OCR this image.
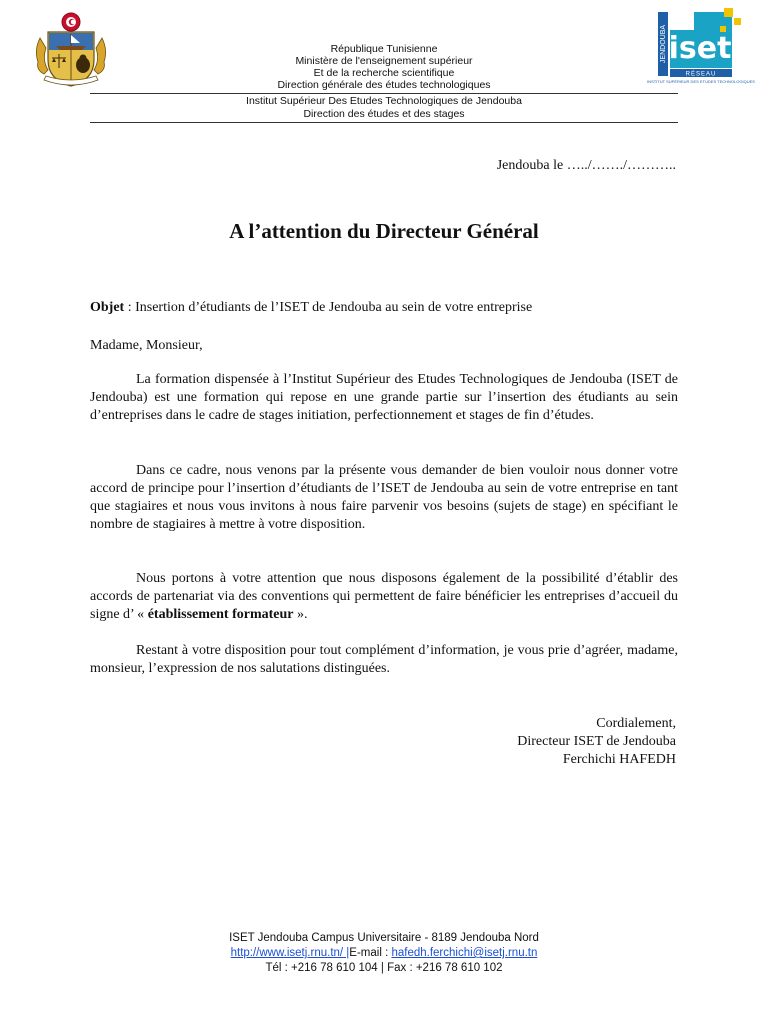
JENDOUBA iset
RÉSEAU
INSTITUT SUPÉRIEUR DES ETUDES TECHNOLOGIQUES
République Tunisienne
Ministère de l'enseignement supérieur
Et de la recherche scientifique
Direction générale des études technologiques
Institut Supérieur Des Etudes Technologiques de Jendouba
Direction des études et des stages
Jendouba le …../……./………..
A l’attention du Directeur Général
Objet : Insertion d’étudiants de l’ISET de Jendouba au sein de votre entreprise
Madame, Monsieur,
La formation dispensée à l’Institut Supérieur des Etudes Technologiques de Jendouba (ISET de Jendouba) est une formation qui repose en une grande partie sur l’insertion des étudiants au sein d’entreprises dans le cadre de stages initiation, perfectionnement et stages de fin d’études.
Dans ce cadre, nous venons par la présente vous demander de bien vouloir nous donner votre accord de principe pour l’insertion d’étudiants de l’ISET de Jendouba au sein de votre entreprise en tant que stagiaires et nous vous invitons à nous faire parvenir vos besoins (sujets de stage) en spécifiant le nombre de stagiaires à mettre à votre disposition.
Nous portons à votre attention que nous disposons également de la possibilité d’établir des accords de partenariat via des conventions qui permettent de faire bénéficier les entreprises d’accueil du signe d’ « établissement formateur ».
Restant à votre disposition pour tout complément d’information, je vous prie d’agréer, madame, monsieur, l’expression de nos salutations distinguées.
Cordialement,
Directeur ISET de Jendouba
Ferchichi HAFEDH
ISET Jendouba Campus Universitaire - 8189 Jendouba Nord
http://www.isetj.rnu.tn/ |E-mail : hafedh.ferchichi@isetj.rnu.tn
Tél : +216 78 610 104 | Fax : +216 78 610 102
